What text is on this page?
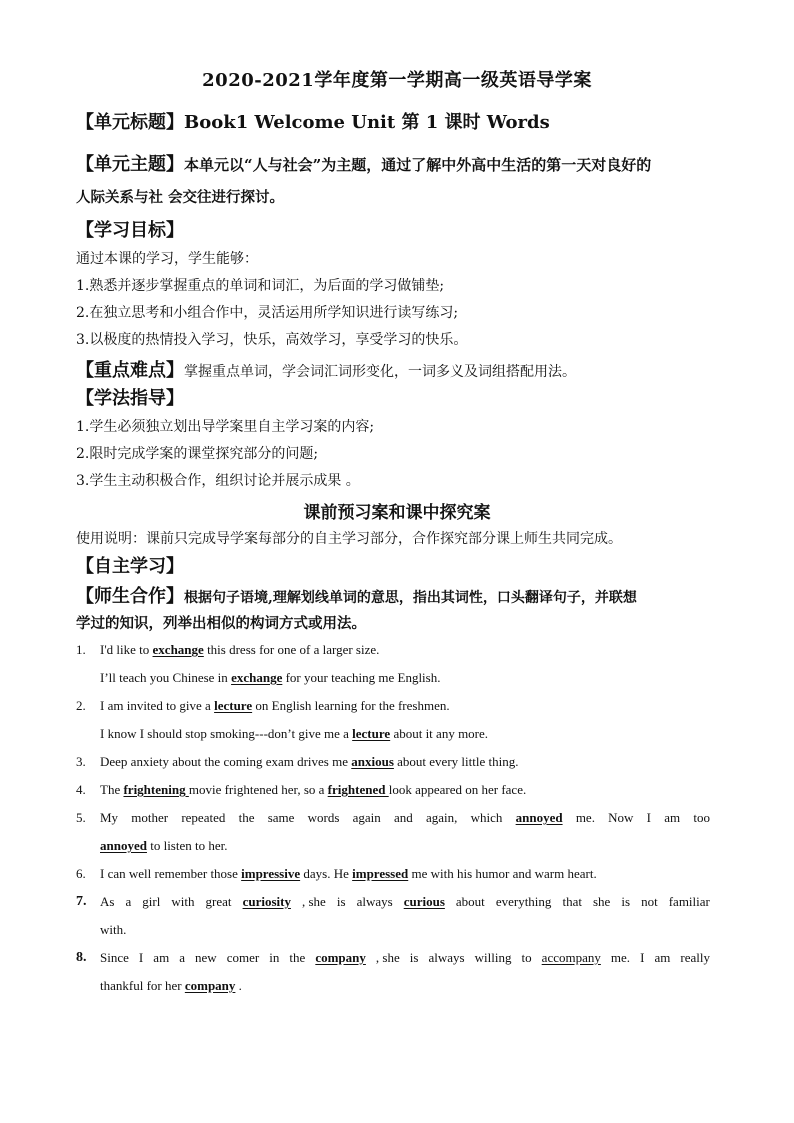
2020-2021学年度第一学期高一级英语导学案
【单元标题】Book1 Welcome Unit 第 1 课时 Words
【单元主题】本单元以“人与社会”为主题，通过了解中外高中生活的第一天对良好的
人际关系与社 会交往进行探讨。
【学习目标】
通过本课的学习，学生能够：
1.熟悉并逐步掌握重点的单词和词汇，为后面的学习做铺垫;
2.在独立思考和小组合作中，灵活运用所学知识进行读写练习;
3.以极度的热情投入学习，快乐，高效学习，享受学习的快乐。
【重点难点】掌握重点单词，学会词汇词形变化，一词多义及词组搭配用法。
【学法指导】
1.学生必须独立划出导学案里自主学习案的内容;
2.限时完成学案的课堂探究部分的问题;
3.学生主动积极合作，组织讨论并展示成果 。
课前预习案和课中探究案
使用说明：课前只完成导学案每部分的自主学习部分，合作探究部分课上师生共同完成。
【自主学习】
【师生合作】根据句子语境,理解划线单词的意思，指出其词性，口头翻译句子，并联想
学过的知识，列举出相似的构词方式或用法。
1.	I'd like to exchange this dress for one of a larger size.
I’ll teach you Chinese in exchange for your teaching me English.
2.	I am invited to give a lecture on English learning for the freshmen.
I know I should stop smoking---don’t give me a lecture about it any more.
3.	Deep anxiety about the coming exam drives me anxious about every little thing.
4.	The frightening movie frightened her, so a frightened look appeared on her face.
5.	My mother repeated the same words again and again, which annoyed me. Now I am too
annoyed to listen to her.
6.	I can well remember those impressive days. He impressed me with his humor and warm heart.
7.	As a girl with great curiosity , she is always curious about everything that she is not familiar
with.
8.	Since I am a new comer in the company , she is always willing to accompany me. I am really
thankful for her company .
